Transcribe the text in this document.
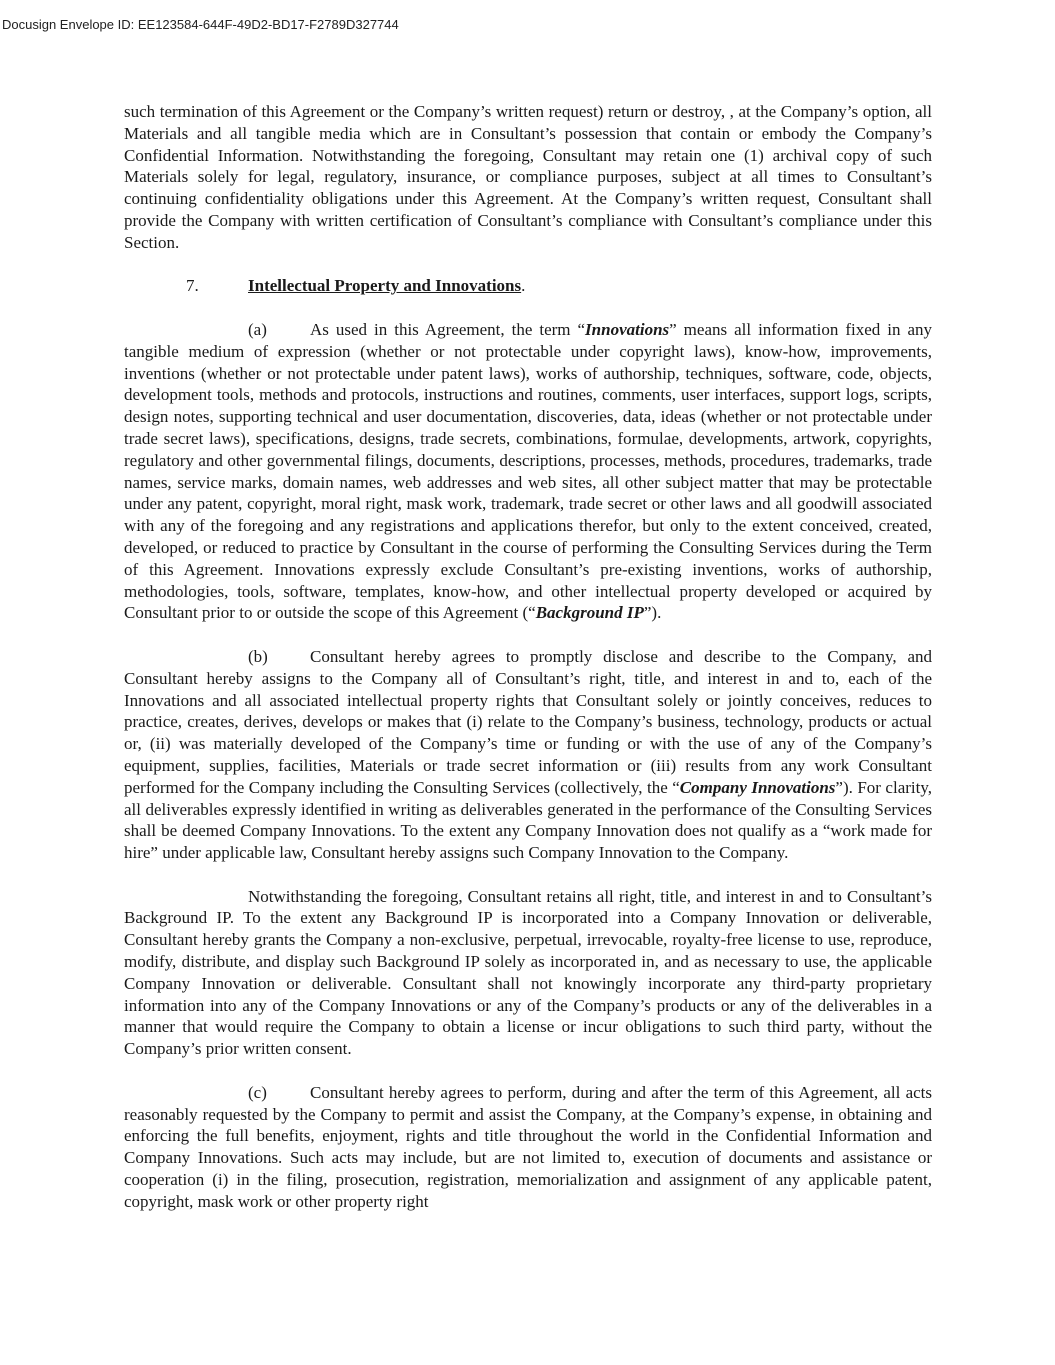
Docusign Envelope ID: EE123584-644F-49D2-BD17-F2789D327744

such termination of this Agreement or the Company’s written request) return or destroy, , at the Company’s option, all Materials and all tangible media which are in Consultant’s possession that contain or embody the Company’s Confidential Information. Notwithstanding the foregoing, Consultant may retain one (1) archival copy of such Materials solely for legal, regulatory, insurance, or compliance purposes, subject at all times to Consultant’s continuing confidentiality obligations under this Agreement. At the Company’s written request, Consultant shall provide the Company with written certification of Consultant’s compliance with Consultant’s compliance under this Section.

7.	Intellectual Property and Innovations.

(a)	As used in this Agreement, the term “Innovations” means all information fixed in any tangible medium of expression (whether or not protectable under copyright laws), know-how, improvements, inventions (whether or not protectable under patent laws), works of authorship, techniques, software, code, objects, development tools, methods and protocols, instructions and routines, comments, user interfaces, support logs, scripts, design notes, supporting technical and user documentation, discoveries, data, ideas (whether or not protectable under trade secret laws), specifications, designs, trade secrets, combinations, formulae, developments, artwork, copyrights, regulatory and other governmental filings, documents, descriptions, processes, methods, procedures, trademarks, trade names, service marks, domain names, web addresses and web sites, all other subject matter that may be protectable under any patent, copyright, moral right, mask work, trademark, trade secret or other laws and all goodwill associated with any of the foregoing and any registrations and applications therefor, but only to the extent conceived, created, developed, or reduced to practice by Consultant in the course of performing the Consulting Services during the Term of this Agreement. Innovations expressly exclude Consultant’s pre-existing inventions, works of authorship, methodologies, tools, software, templates, know-how, and other intellectual property developed or acquired by Consultant prior to or outside the scope of this Agreement (“Background IP”).

(b) Consultant hereby agrees to promptly disclose and describe to the Company, and Consultant hereby assigns to the Company all of Consultant’s right, title, and interest in and to, each of the Innovations and all associated intellectual property rights that Consultant solely or jointly conceives, reduces to practice, creates, derives, develops or makes that (i) relate to the Company’s business, technology, products or actual or, (ii) was materially developed of the Company’s time or funding or with the use of any of the Company’s equipment, supplies, facilities, Materials or trade secret information or (iii) results from any work Consultant performed for the Company including the Consulting Services (collectively, the “Company Innovations”). For clarity, all deliverables expressly identified in writing as deliverables generated in the performance of the Consulting Services shall be deemed Company Innovations. To the extent any Company Innovation does not qualify as a “work made for hire” under applicable law, Consultant hereby assigns such Company Innovation to the Company.

Notwithstanding the foregoing, Consultant retains all right, title, and interest in and to Consultant’s Background IP. To the extent any Background IP is incorporated into a Company Innovation or deliverable, Consultant hereby grants the Company a non-exclusive, perpetual, irrevocable, royalty-free license to use, reproduce, modify, distribute, and display such Background IP solely as incorporated in, and as necessary to use, the applicable Company Innovation or deliverable. Consultant shall not knowingly incorporate any third-party proprietary information into any of the Company Innovations or any of the Company’s products or any of the deliverables in a manner that would require the Company to obtain a license or incur obligations to such third party, without the Company’s prior written consent.

(c)	Consultant hereby agrees to perform, during and after the term of this Agreement, all acts reasonably requested by the Company to permit and assist the Company, at the Company’s expense, in obtaining and enforcing the full benefits, enjoyment, rights and title throughout the world in the Confidential Information and Company Innovations. Such acts may include, but are not limited to, execution of documents and assistance or cooperation (i) in the filing, prosecution, registration, memorialization and assignment of any applicable patent, copyright, mask work or other property right
